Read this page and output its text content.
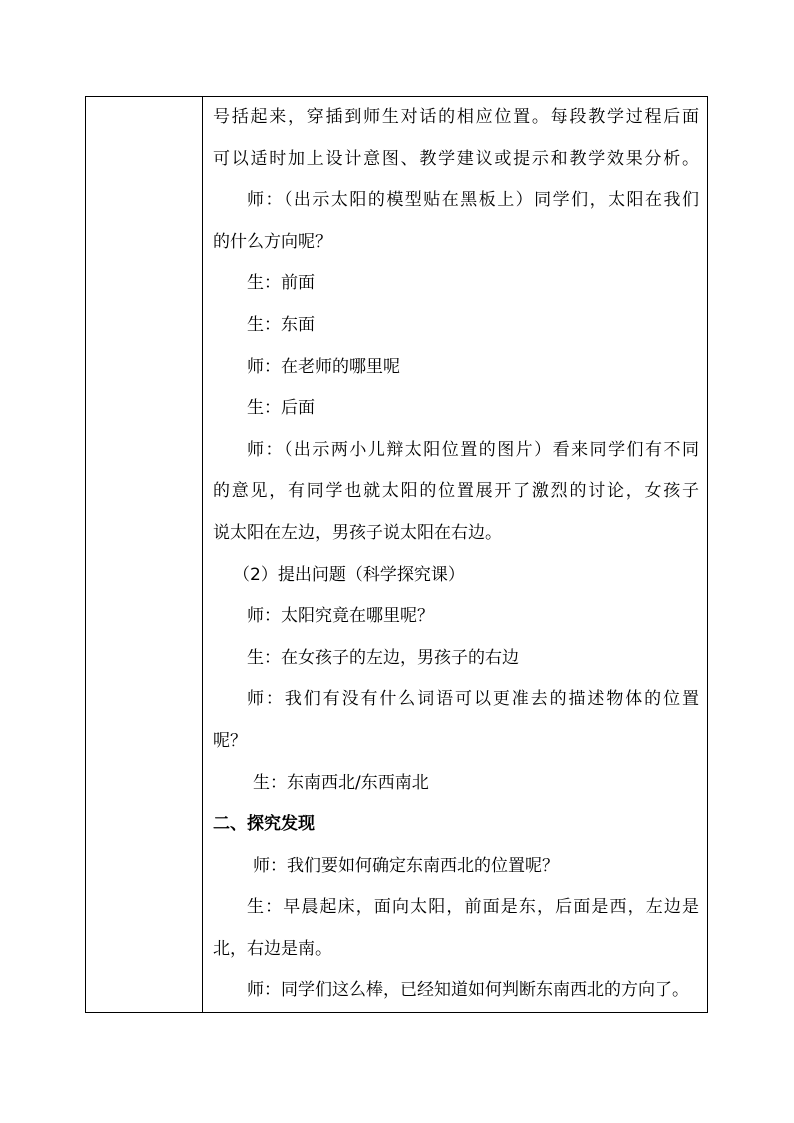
号括起来，穿插到师生对话的相应位置。每段教学过程后面

可以适时加上设计意图、教学建议或提示和教学效果分析。

师：（出示太阳的模型贴在黑板上）同学们，太阳在我们

的什么方向呢？

生：前面

生：东面

师：在老师的哪里呢

生：后面

师：（出示两小儿辩太阳位置的图片）看来同学们有不同

的意见，有同学也就太阳的位置展开了激烈的讨论，女孩子

说太阳在左边，男孩子说太阳在右边。

（2）提出问题（科学探究课）

师：太阳究竟在哪里呢？

生：在女孩子的左边，男孩子的右边

师：我们有没有什么词语可以更准去的描述物体的位置

呢？

生：东南西北/东西南北

二、探究发现

师：我们要如何确定东南西北的位置呢？

生：早晨起床，面向太阳，前面是东，后面是西，左边是

北，右边是南。

师：同学们这么棒，已经知道如何判断东南西北的方向了。
